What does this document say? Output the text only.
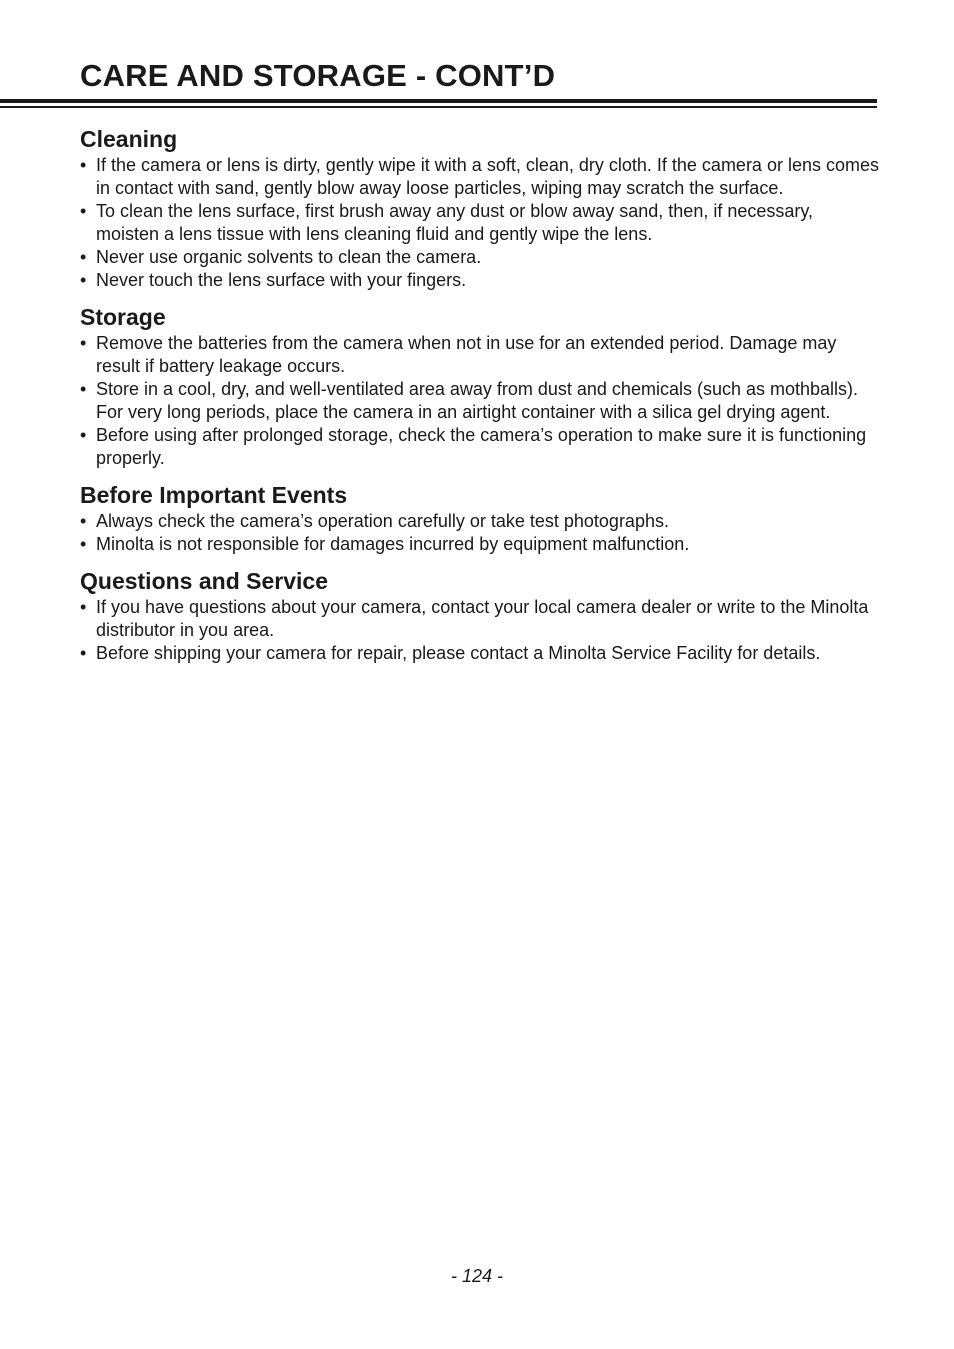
CARE AND STORAGE - CONT’D
Cleaning
• If the camera or lens is dirty, gently wipe it with a soft, clean, dry cloth. If the camera or lens comes in contact with sand, gently blow away loose particles, wiping may scratch the surface.
• To clean the lens surface, first brush away any dust or blow away sand, then, if necessary, moisten a lens tissue with lens cleaning fluid and gently wipe the lens.
• Never use organic solvents to clean the camera.
• Never touch the lens surface with your fingers.
Storage
• Remove the batteries from the camera when not in use for an extended period. Damage may result if battery leakage occurs.
• Store in a cool, dry, and well-ventilated area away from dust and chemicals (such as mothballs). For very long periods, place the camera in an airtight container with a silica gel drying agent.
• Before using after prolonged storage, check the camera’s operation to make sure it is functioning properly.
Before Important Events
• Always check the camera’s operation carefully or take test photographs.
• Minolta is not responsible for damages incurred by equipment malfunction.
Questions and Service
• If you have questions about your camera, contact your local camera dealer or write to the Minolta distributor in you area.
• Before shipping your camera for repair, please contact a Minolta Service Facility for details.
- 124 -
